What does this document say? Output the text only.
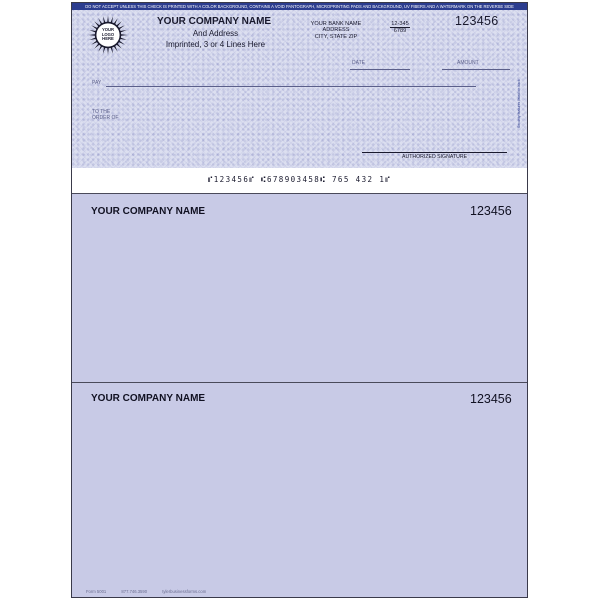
DO NOT ACCEPT UNLESS THIS CHECK IS PRINTED WITH A COLOR BACKGROUND, CONTAINS A VOID PANTOGRAPH, MICROPRINTING PADS AND BACKGROUND, UV FIBERS AND A WATERMARK ON THE REVERSE SIDE
YOUR
LOGO
HERE
YOUR COMPANY NAME
And Address
Imprinted, 3 or 4 Lines Here
YOUR BANK NAME
ADDRESS
CITY, STATE ZIP
$\frac{12-345}{6789}$	123456
DATE	AMOUNT
PAY
TO THE
ORDER OF	Security features listed on back
AUTHORIZED SIGNATURE
⑈123456⑈ ⑆678903458⑆ 765 432 1⑈
YOUR COMPANY NAME	123456
YOUR COMPANY NAME	123456
Form 5001	877.746.3590	tylerbusinessforms.com
